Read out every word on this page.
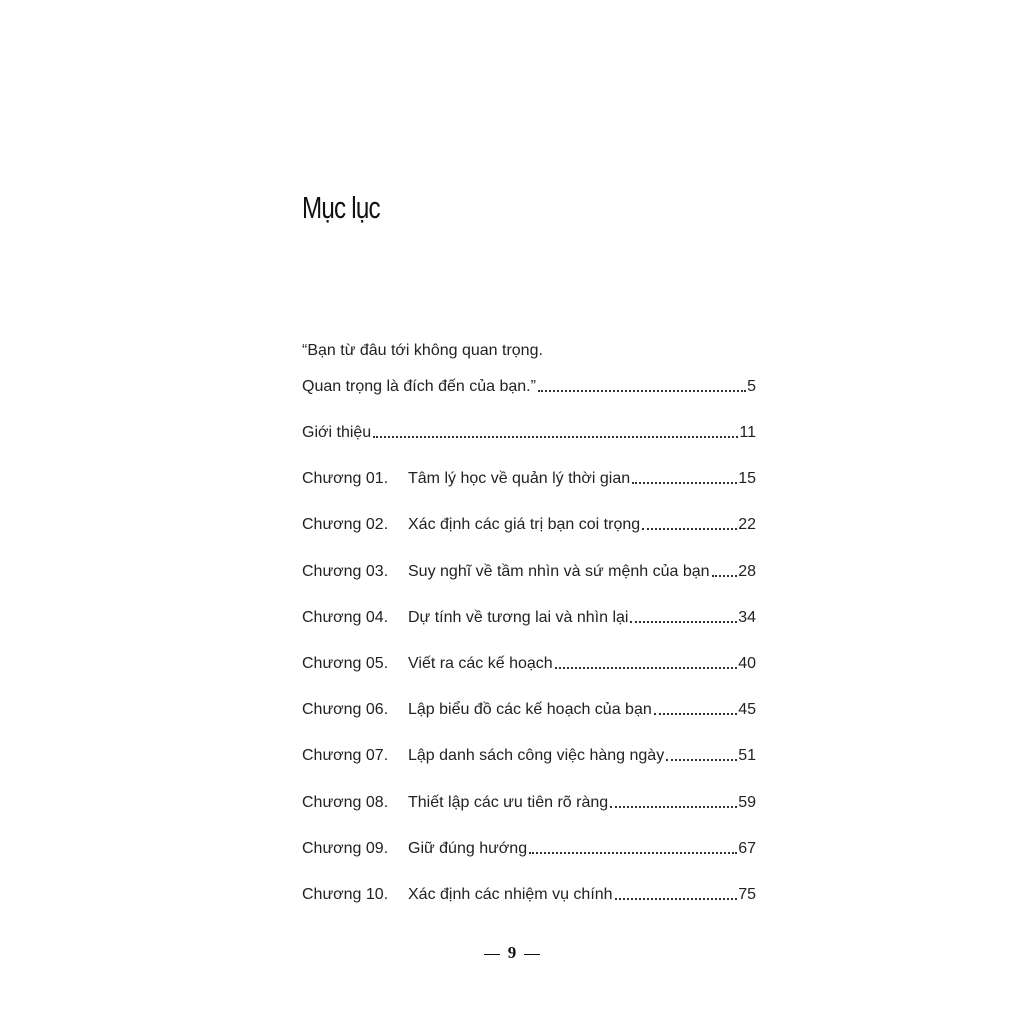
Mục lục
“Bạn từ đâu tới không quan trọng.
Quan trọng là đích đến của bạn.”	5
Giới thiệu	11
Chương 01.	Tâm lý học về quản lý thời gian	15
Chương 02.	Xác định các giá trị bạn coi trọng	22
Chương 03.	Suy nghĩ về tầm nhìn và sứ mệnh của bạn 28
Chương 04.	Dự tính về tương lai và nhìn lại	34
Chương 05.	Viết ra các kế hoạch	40
Chương 06.	Lập biểu đồ các kế hoạch của bạn	45
Chương 07.	Lập danh sách công việc hàng ngày	51
Chương 08.	Thiết lập các ưu tiên rõ ràng	59
Chương 09.	Giữ đúng hướng	67
Chương 10.	Xác định các nhiệm vụ chính	75
9
